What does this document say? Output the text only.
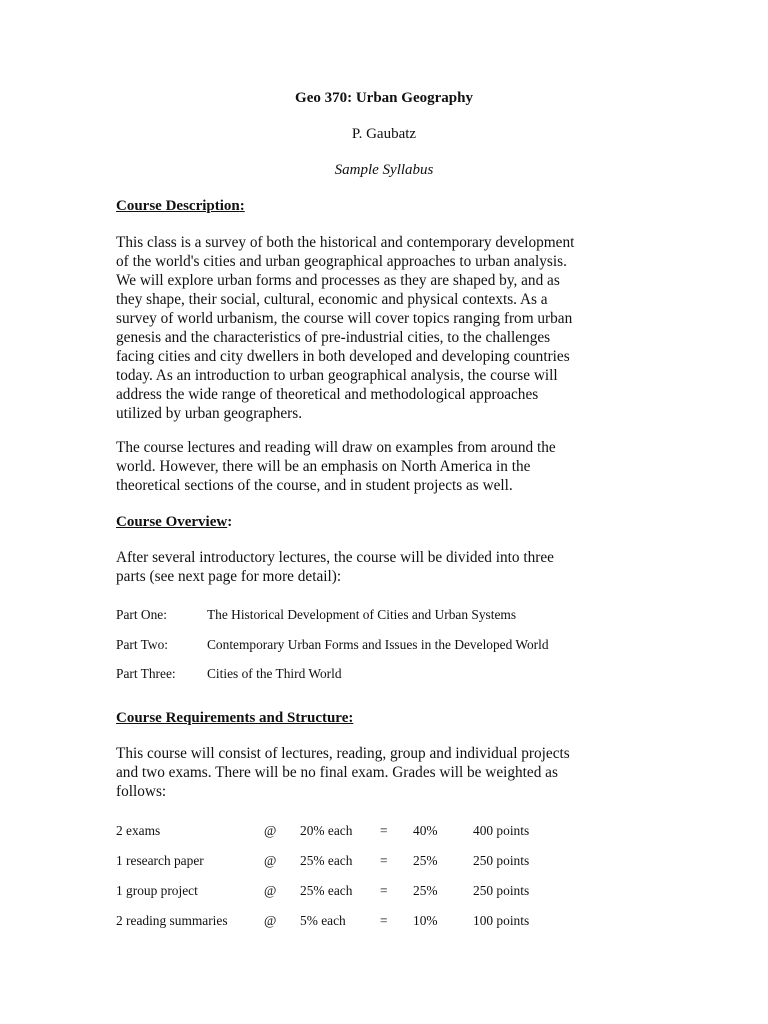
Geo 370: Urban Geography

P. Gaubatz

Sample Syllabus

Course Description:

This class is a survey of both the historical and contemporary development
of the world's cities and urban geographical approaches to urban analysis.
We will explore urban forms and processes as they are shaped by, and as
they shape, their social, cultural, economic and physical contexts. As a
survey of world urbanism, the course will cover topics ranging from urban
genesis and the characteristics of pre-industrial cities, to the challenges
facing cities and city dwellers in both developed and developing countries
today. As an introduction to urban geographical analysis, the course will
address the wide range of theoretical and methodological approaches
utilized by urban geographers.
The course lectures and reading will draw on examples from around the
world. However, there will be an emphasis on North America in the
theoretical sections of the course, and in student projects as well.

Course Overview:

After several introductory lectures, the course will be divided into three
parts (see next page for more detail):
Part One:	The Historical Development of Cities and Urban Systems
Part Two:	Contemporary Urban Forms and Issues in the Developed World
Part Three: Cities of the Third World

Course Requirements and Structure:

This course will consist of lectures, reading, group and individual projects
and two exams. There will be no final exam. Grades will be weighted as
follows:
2 exams	@ 20% each = 40%	400 points
1 research paper	@ 25% each = 25%	250 points
1 group project	@ 25% each = 25%	250 points
2 reading summaries	@ 5% each	= 10%	100 points
